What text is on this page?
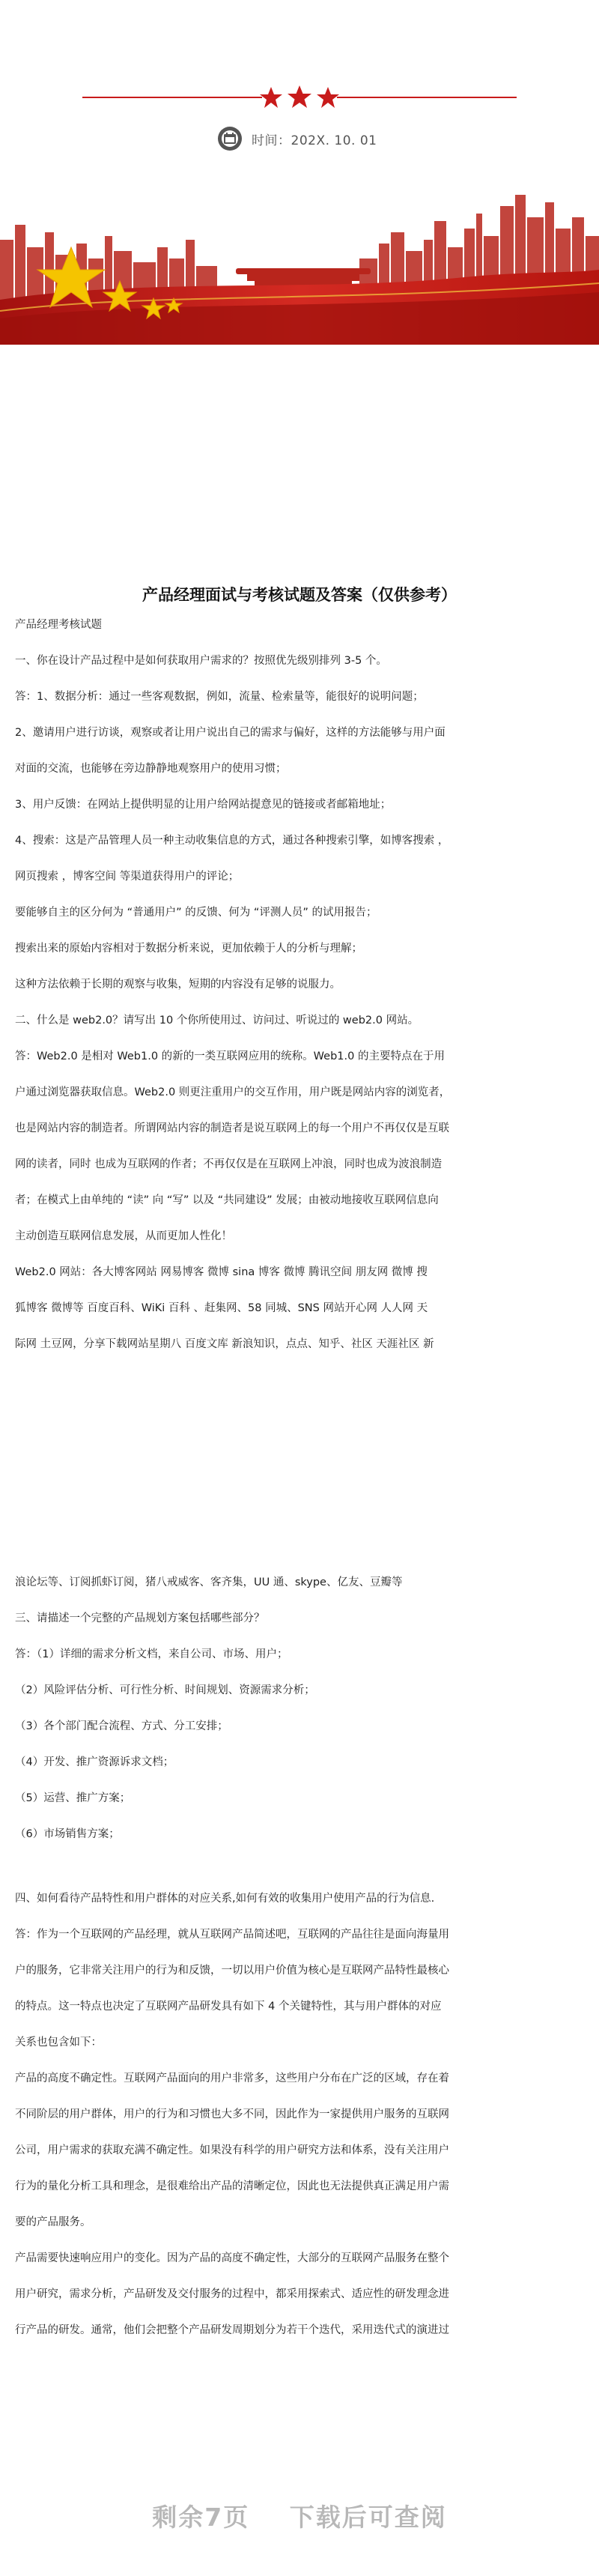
时间：202X. 10. 01
产品经理面试与考核试题及答案（仅供参考）
产品经理考核试题
一、你在设计产品过程中是如何获取用户需求的？按照优先级别排列 3-5 个。
答：1、数据分析：通过一些客观数据，例如，流量、检索量等，能很好的说明问题；
2、邀请用户进行访谈，观察或者让用户说出自己的需求与偏好，这样的方法能够与用户面
对面的交流，也能够在旁边静静地观察用户的使用习惯；
3、用户反馈：在网站上提供明显的让用户给网站提意见的链接或者邮箱地址；
4、搜索：这是产品管理人员一种主动收集信息的方式，通过各种搜索引擎，如博客搜索 ，
网页搜索 ，博客空间 等渠道获得用户的评论；
要能够自主的区分何为 “普通用户” 的反馈、何为 “评测人员” 的试用报告；
搜索出来的原始内容相对于数据分析来说，更加依赖于人的分析与理解；
这种方法依赖于长期的观察与收集，短期的内容没有足够的说服力。
二、什么是 web2.0？请写出 10 个你所使用过、访问过、听说过的 web2.0 网站。
答：Web2.0 是相对 Web1.0 的新的一类互联网应用的统称。Web1.0 的主要特点在于用
户通过浏览器获取信息。Web2.0 则更注重用户的交互作用，用户既是网站内容的浏览者，
也是网站内容的制造者。所谓网站内容的制造者是说互联网上的每一个用户不再仅仅是互联
网的读者，同时 也成为互联网的作者；不再仅仅是在互联网上冲浪，同时也成为波浪制造
者；在模式上由单纯的 “读” 向 “写” 以及 “共同建设” 发展；由被动地接收互联网信息向
主动创造互联网信息发展，从而更加人性化！
Web2.0 网站：各大博客网站 网易博客 微博 sina 博客 微博 腾讯空间 朋友网 微博 搜
狐博客 微博等 百度百科、WiKi 百科 、赶集网、58 同城、SNS 网站开心网 人人网 天
际网 土豆网，分享下载网站星期八 百度文库 新浪知识，点点、知乎、社区 天涯社区 新
浪论坛等、订阅抓虾订阅，猪八戒威客、客齐集，UU 通、skype、亿友、豆瓣等
三、请描述一个完整的产品规划方案包括哪些部分？
答：（1）详细的需求分析文档，来自公司、市场、用户；
（2）风险评估分析、可行性分析、时间规划、资源需求分析；
（3）各个部门配合流程、方式、分工安排；
（4）开发、推广资源诉求文档；
（5）运营、推广方案；
（6）市场销售方案；
四、如何看待产品特性和用户群体的对应关系,如何有效的收集用户使用产品的行为信息.
答：作为一个互联网的产品经理，就从互联网产品简述吧，互联网的产品往往是面向海量用
户的服务，它非常关注用户的行为和反馈，一切以用户价值为核心是互联网产品特性最核心
的特点。这一特点也决定了互联网产品研发具有如下 4 个关键特性，其与用户群体的对应
关系也包含如下：
产品的高度不确定性。互联网产品面向的用户非常多，这些用户分布在广泛的区域，存在着
不同阶层的用户群体，用户的行为和习惯也大多不同，因此作为一家提供用户服务的互联网
公司，用户需求的获取充满不确定性。如果没有科学的用户研究方法和体系，没有关注用户
行为的量化分析工具和理念，是很难给出产品的清晰定位，因此也无法提供真正满足用户需
要的产品服务。
产品需要快速响应用户的变化。因为产品的高度不确定性，大部分的互联网产品服务在整个
用户研究，需求分析，产品研发及交付服务的过程中，都采用探索式、适应性的研发理念进
行产品的研发。通常，他们会把整个产品研发周期划分为若干个迭代，采用迭代式的演进过
剩余7页 下载后可查阅
